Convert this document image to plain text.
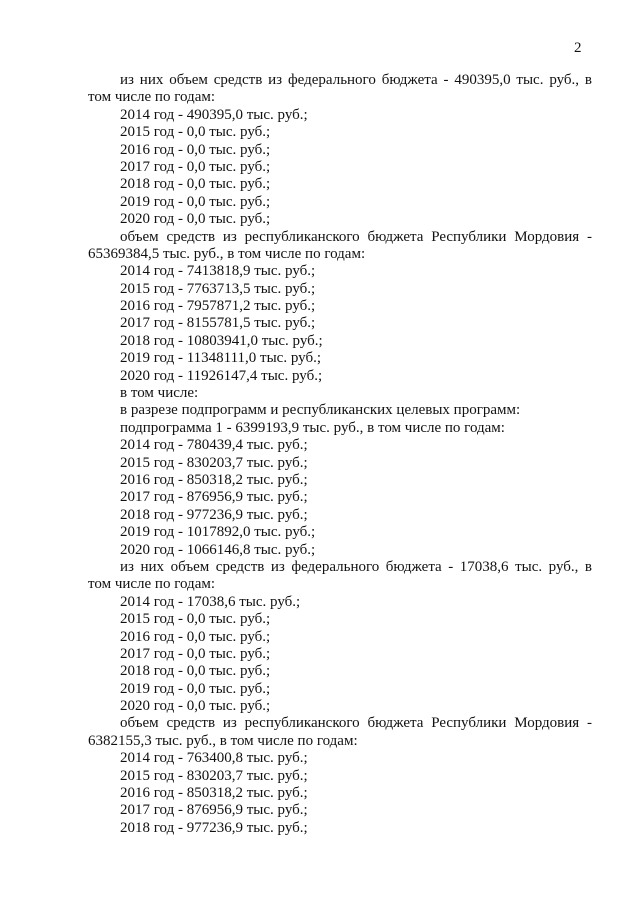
2
из них объем средств из федерального бюджета - 490395,0 тыс. руб., в
том числе по годам:
2014 год - 490395,0 тыс. руб.;
2015 год - 0,0 тыс. руб.;
2016 год - 0,0 тыс. руб.;
2017 год - 0,0 тыс. руб.;
2018 год - 0,0 тыс. руб.;
2019 год - 0,0 тыс. руб.;
2020 год - 0,0 тыс. руб.;
объем средств из республиканского бюджета Республики Мордовия -
65369384,5 тыс. руб., в том числе по годам:
2014 год - 7413818,9 тыс. руб.;
2015 год - 7763713,5 тыс. руб.;
2016 год - 7957871,2 тыс. руб.;
2017 год - 8155781,5 тыс. руб.;
2018 год - 10803941,0 тыс. руб.;
2019 год - 11348111,0 тыс. руб.;
2020 год - 11926147,4 тыс. руб.;
в том числе:
в разрезе подпрограмм и республиканских целевых программ:
подпрограмма 1 - 6399193,9 тыс. руб., в том числе по годам:
2014 год - 780439,4 тыс. руб.;
2015 год - 830203,7 тыс. руб.;
2016 год - 850318,2 тыс. руб.;
2017 год - 876956,9 тыс. руб.;
2018 год - 977236,9 тыс. руб.;
2019 год - 1017892,0 тыс. руб.;
2020 год - 1066146,8 тыс. руб.;
из них объем средств из федерального бюджета - 17038,6 тыс. руб., в
том числе по годам:
2014 год - 17038,6 тыс. руб.;
2015 год - 0,0 тыс. руб.;
2016 год - 0,0 тыс. руб.;
2017 год - 0,0 тыс. руб.;
2018 год - 0,0 тыс. руб.;
2019 год - 0,0 тыс. руб.;
2020 год - 0,0 тыс. руб.;
объем средств из республиканского бюджета Республики Мордовия -
6382155,3 тыс. руб., в том числе по годам:
2014 год - 763400,8 тыс. руб.;
2015 год - 830203,7 тыс. руб.;
2016 год - 850318,2 тыс. руб.;
2017 год - 876956,9 тыс. руб.;
2018 год - 977236,9 тыс. руб.;
